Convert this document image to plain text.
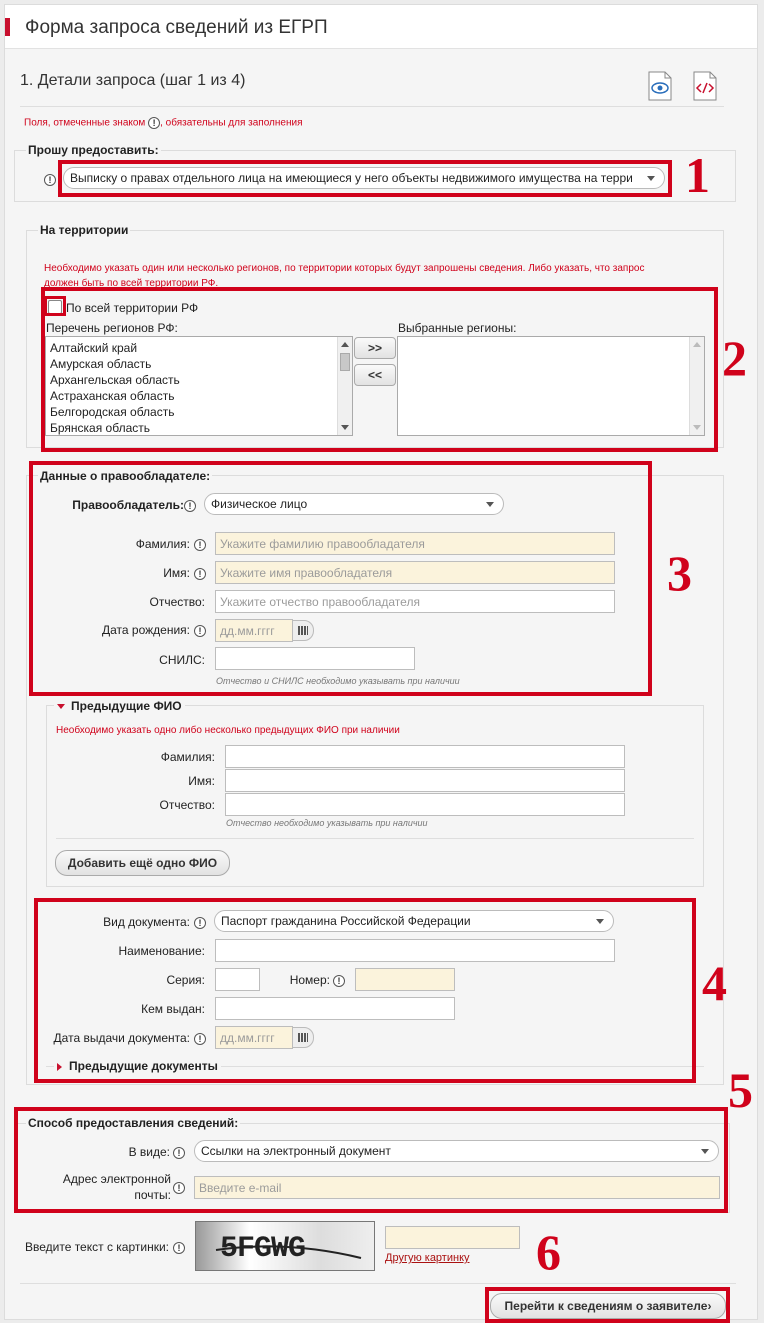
Форма запроса сведений из ЕГРП
1. Детали запроса (шаг 1 из 4)
Поля, отмеченные знаком ! , обязательны для заполнения
Прошу предоставить:
!	Выписку о правах отдельного лица на имеющиеся у него объекты недвижимого имущества на терри
На территории
Необходимо указать один или несколько регионов, по территории которых будут запрошены сведения. Либо указать, что запрос
должен быть по всей территории РФ.
По всей территории РФ
Перечень регионов РФ:	Выбранные регионы:
Алтайский край
Амурская область
Архангельская область
Астраханская область
Белгородская область
Брянская область
>>
<<
Данные о правообладателе:
Правообладатель: !	Физическое лицо
Фамилия: !
Укажите фамилию правообладателя
Имя: !
Укажите имя правообладателя
Отчество:
Укажите отчество правообладателя
Дата рождения: !
дд.мм.гггг
СНИЛС:
Отчество и СНИЛС необходимо указывать при наличии
Предыдущие ФИО
Необходимо указать одно либо несколько предыдущих ФИО при наличии
Фамилия:
Имя:
Отчество:
Отчество необходимо указывать при наличии
Добавить ещё одно ФИО
Вид документа: !	Паспорт гражданина Российской Федерации
Наименование:
Серия:	Номер: !
Кем выдан:
Дата выдачи документа: !
дд.мм.гггг
Предыдущие документы
Способ предоставления сведений:
В виде: !	Ссылки на электронный документ
Адрес электронной
почты: !
Введите e-mail
Введите текст с картинки: !	5FGWG	Другую картинку
Перейти к сведениям о заявителе›
1
2
3
4
5
6
